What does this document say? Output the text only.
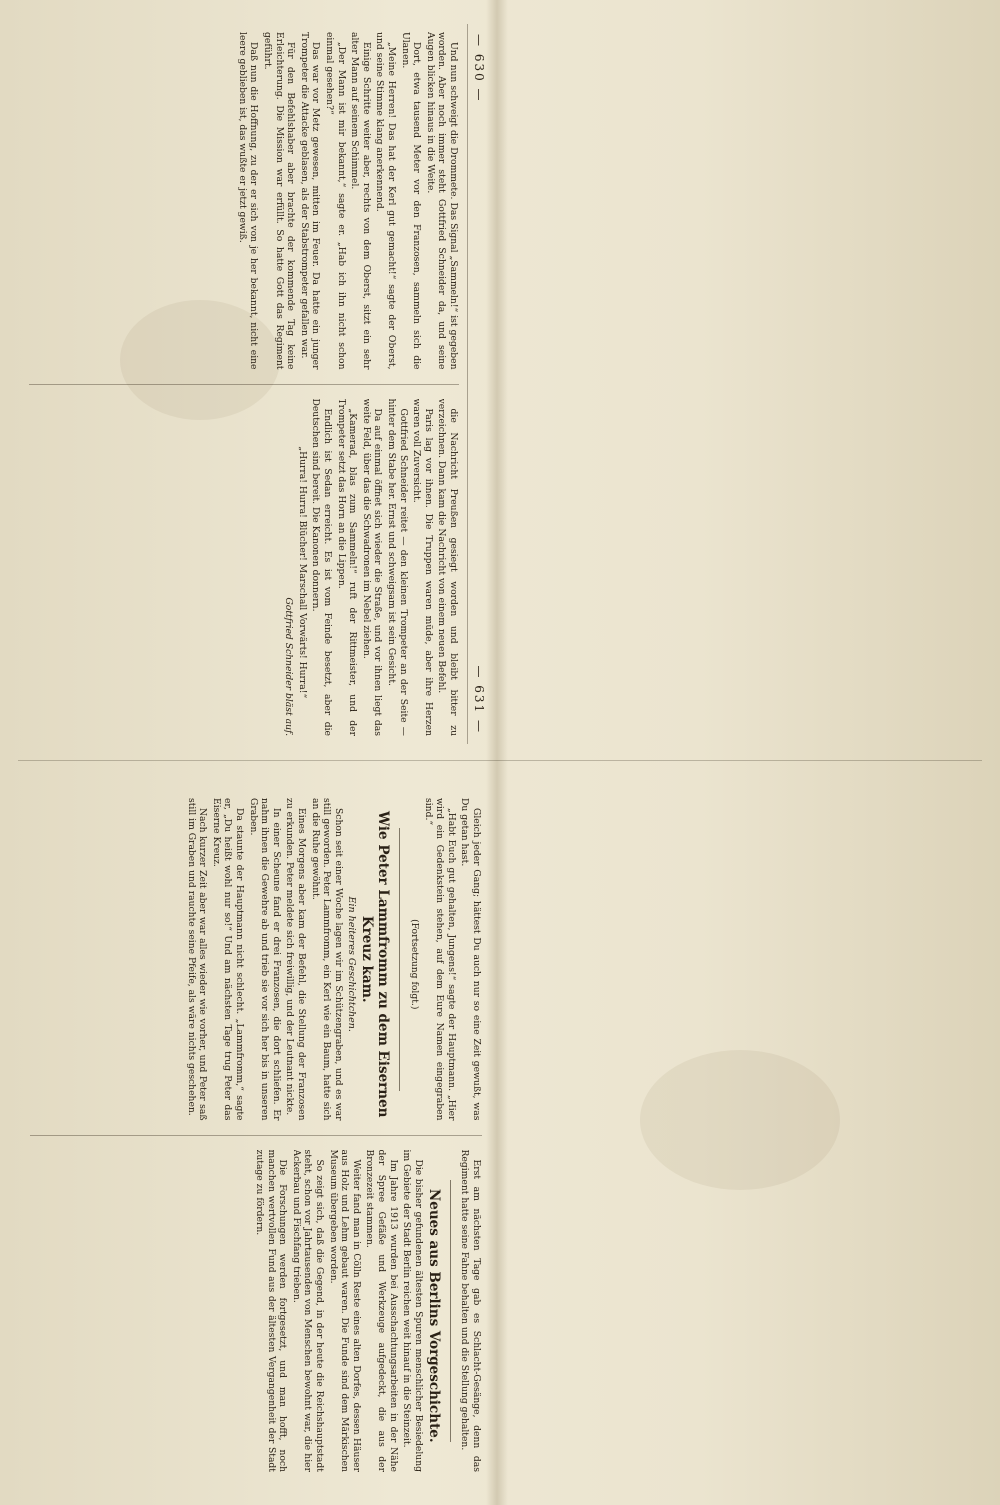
— 630 —
— 631 —

Und nun schweigt die Drommete. Das Signal „Sammeln!“ ist gegeben worden. Aber noch immer steht Gottfried Schneider da, und seine Augen blicken hinaus in die Weite.

Dort, etwa tausend Meter vor den Franzosen, sammeln sich die Ulanen.

„Meine Herren! Das hat der Kerl gut gemacht!“ sagte der Oberst, und seine Stimme klang anerkennend.

Einige Schritte weiter aber, rechts von dem Oberst, sitzt ein sehr alter Mann auf seinem Schimmel.

„Der Mann ist mir bekannt,“ sagte er. „Hab ich ihn nicht schon einmal gesehen?“

Das war vor Metz gewesen, mitten im Feuer. Da hatte ein junger Trompeter die Attacke geblasen, als der Stabstrompeter gefallen war.

Für den Befehlshaber aber brachte der kommende Tag keine Erleichterung. Die Mission war erfüllt. So hatte Gott das Regiment geführt.

Daß nun die Hoffnung, zu der er sich von je her bekannt, nicht eine leere geblieben ist, das wußte er jetzt gewiß.

die Nachricht Preußen gesiegt worden und bleibt bitter zu verzeichnen. Dann kam die Nachricht von einem neuen Befehl.

Paris lag vor ihnen. Die Truppen waren müde, aber ihre Herzen waren voll Zuversicht.

Gottfried Schneider reitet — den kleinen Trompeter an der Seite — hinter dem Stabe her. Ernst und schweigsam ist sein Gesicht.

Da auf einmal öffnet sich wieder die Straße, und vor ihnen liegt das weite Feld, über das die Schwadronen im Nebel ziehen.

„Kamerad, blas zum Sammeln!“ ruft der Rittmeister, und der Trompeter setzt das Horn an die Lippen.

Endlich ist Sedan erreicht. Es ist vom Feinde besetzt, aber die Deutschen sind bereit. Die Kanonen donnern.

„Hurra! Hurra! Blücher! Marschall Vorwärts! Hurra!“

Gottfried Schneider bläst auf.

Gleich jeder Gang; hättest Du auch nur so eine Zeit gewußt, was Du getan hast.

„Habt Euch gut gehalten, Jungens!“ sagte der Hauptmann. „Hier wird ein Gedenkstein stehen, auf dem Eure Namen eingegraben sind.“

(Fortsetzung folgt.)

Wie Peter Lammfromm zu dem Eisernen Kreuz kam.

Ein heiteres Geschichtchen.

Schon seit einer Woche lagen wir im Schützengraben, und es war still geworden. Peter Lammfromm, ein Kerl wie ein Baum, hatte sich an die Ruhe gewöhnt.

Eines Morgens aber kam der Befehl, die Stellung der Franzosen zu erkunden. Peter meldete sich freiwillig, und der Leutnant nickte.

In einer Scheune fand er drei Franzosen, die dort schliefen. Er nahm ihnen die Gewehre ab und trieb sie vor sich her bis in unseren Graben.

Da staunte der Hauptmann nicht schlecht. „Lammfromm,“ sagte er, „Du heißt wohl nur so!“ Und am nächsten Tage trug Peter das Eiserne Kreuz.

Nach kurzer Zeit aber war alles wieder wie vorher, und Peter saß still im Graben und rauchte seine Pfeife, als wäre nichts geschehen.

Erst am nächsten Tage gab es Schlacht-Gesänge, denn das Regiment hatte seine Fahne behalten und die Stellung gehalten.

Neues aus Berlins Vorgeschichte.

Die bisher gefundenen ältesten Spuren menschlicher Besiedelung im Gebiete der Stadt Berlin reichen weit hinauf in die Steinzeit.

Im Jahre 1913 wurden bei Ausschachtungsarbeiten in der Nähe der Spree Gefäße und Werkzeuge aufgedeckt, die aus der Bronzezeit stammen.

Weiter fand man in Cölln Reste eines alten Dorfes, dessen Häuser aus Holz und Lehm gebaut waren. Die Funde sind dem Märkischen Museum übergeben worden.

So zeigt sich, daß die Gegend, in der heute die Reichshauptstadt steht, schon vor Jahrtausenden von Menschen bewohnt war, die hier Ackerbau und Fischfang trieben.

Die Forschungen werden fortgesetzt, und man hofft, noch manchen wertvollen Fund aus der ältesten Vergangenheit der Stadt zutage zu fördern.
